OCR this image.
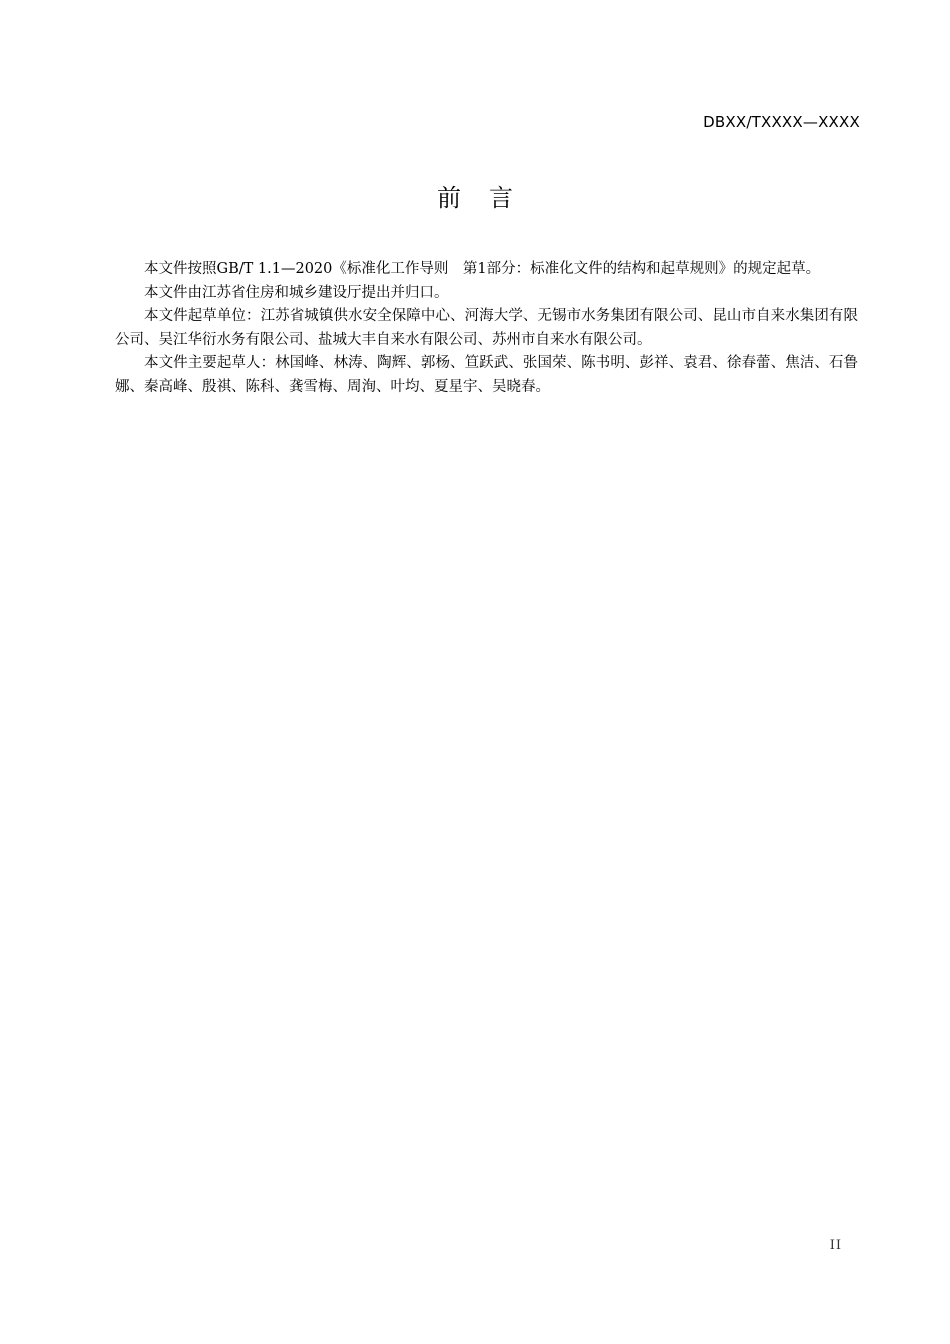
DBXX/TXXXX—XXXX
前言

本文件按照GB/T 1.1—2020《标准化工作导则　第1部分：标准化文件的结构和起草规则》的规定起草。

本文件由江苏省住房和城乡建设厅提出并归口。

本文件起草单位：江苏省城镇供水安全保障中心、河海大学、无锡市水务集团有限公司、昆山市自来水集团有限公司、吴江华衍水务有限公司、盐城大丰自来水有限公司、苏州市自来水有限公司。

本文件主要起草人：林国峰、林涛、陶辉、郭杨、笪跃武、张国荣、陈书明、彭祥、袁君、徐春蕾、焦洁、石鲁娜、秦高峰、殷祺、陈科、龚雪梅、周洵、叶均、夏星宇、吴晓春。

II
